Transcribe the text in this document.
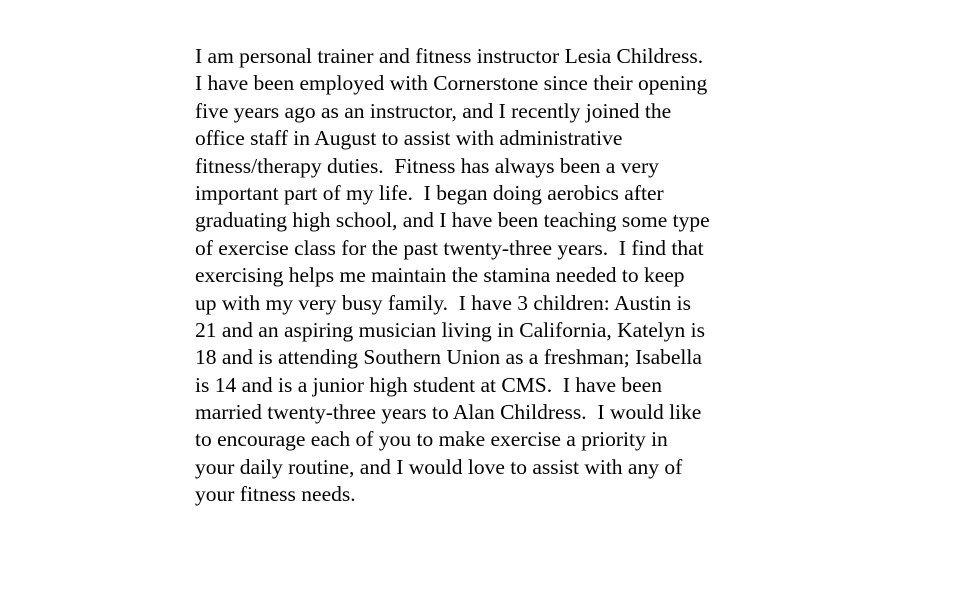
I am personal trainer and fitness instructor Lesia Childress.
I have been employed with Cornerstone since their opening
five years ago as an instructor, and I recently joined the
office staff in August to assist with administrative
fitness/therapy duties.  Fitness has always been a very
important part of my life.  I began doing aerobics after
graduating high school, and I have been teaching some type
of exercise class for the past twenty-three years.  I find that
exercising helps me maintain the stamina needed to keep
up with my very busy family.  I have 3 children: Austin is
21 and an aspiring musician living in California, Katelyn is
18 and is attending Southern Union as a freshman; Isabella
is 14 and is a junior high student at CMS.  I have been
married twenty-three years to Alan Childress.  I would like
to encourage each of you to make exercise a priority in
your daily routine, and I would love to assist with any of
your fitness needs.
